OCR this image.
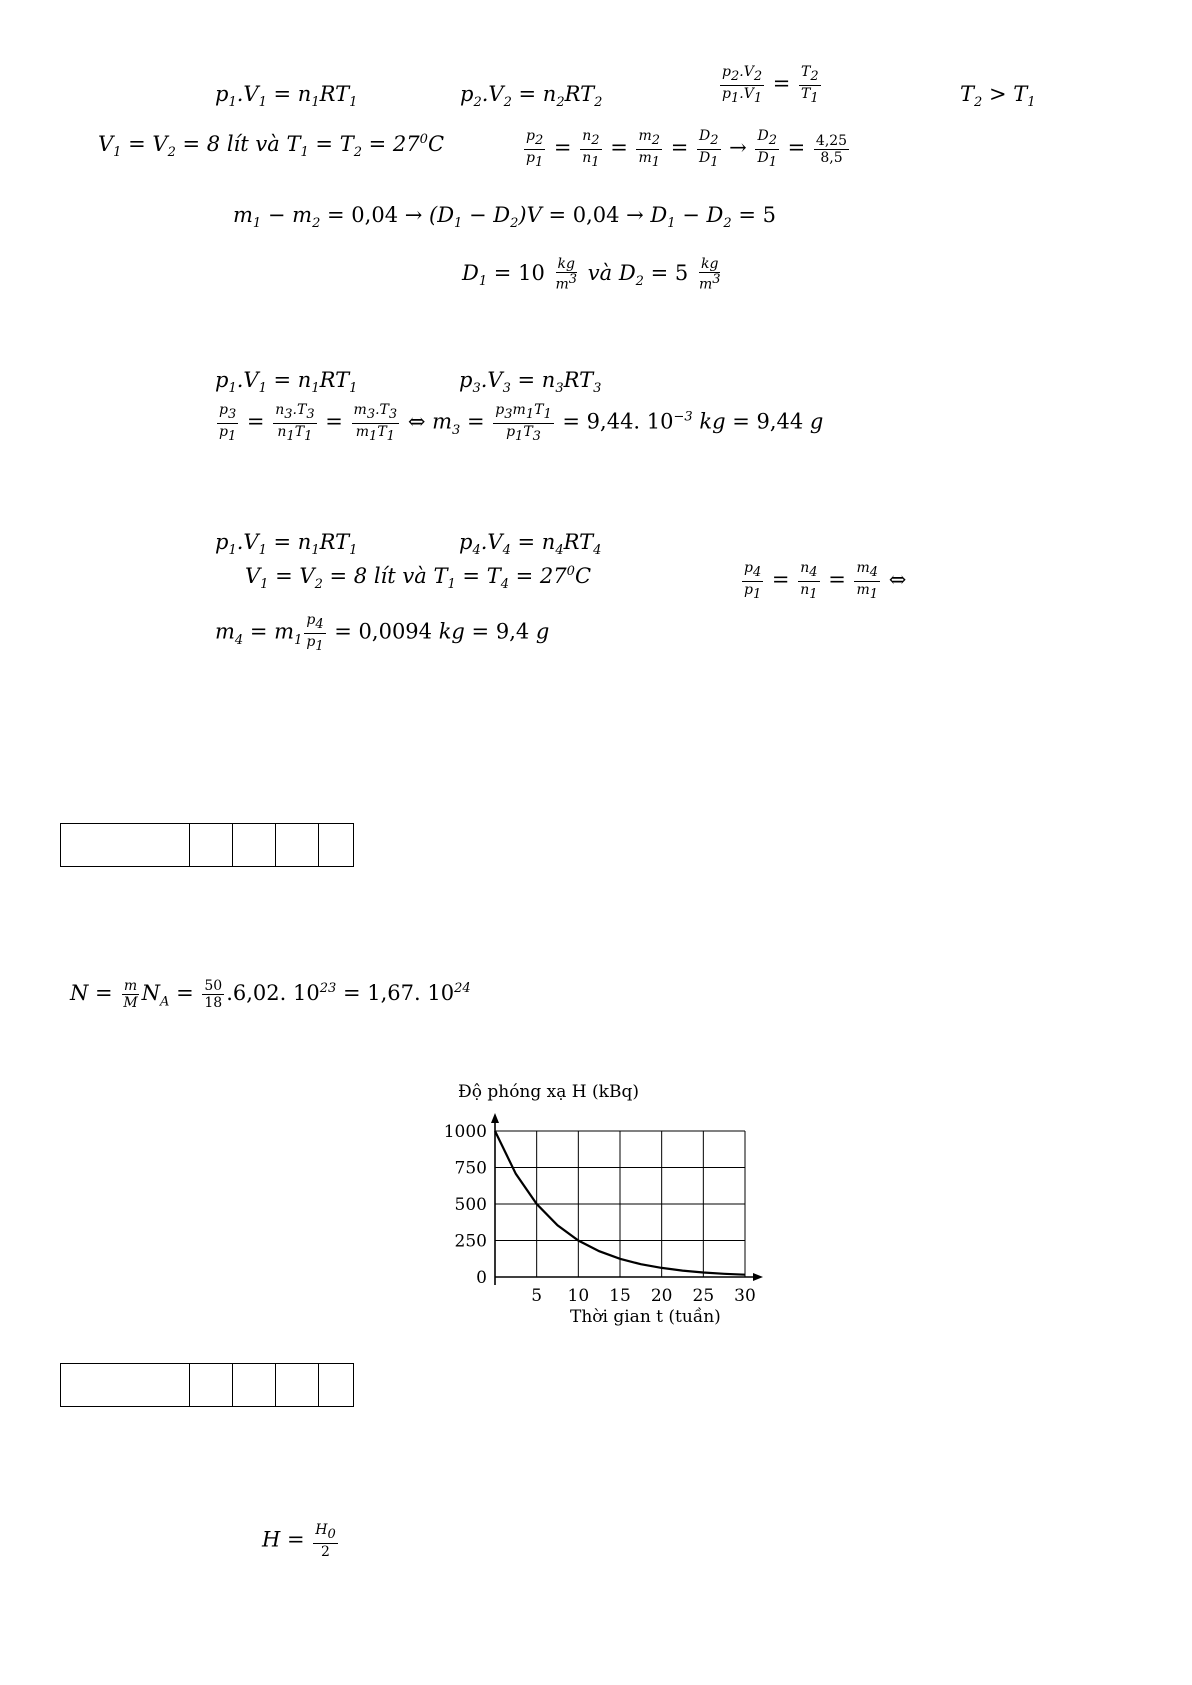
$p_1.V_1 = n_1RT_1$	$p_2.V_2 = n_2RT_2$	$\frac{p_2.V_2}{p_1.V_1} = \frac{T_2}{T_1}$	$T_2 > T_1$
$V_1 = V_2 = 8$ lít và $T_1 = T_2 = 27^0C$	$\frac{p_2}{p_1} = \frac{n_2}{n_1} = \frac{m_2}{m_1} = \frac{D_2}{D_1} \to \frac{D_2}{D_1} = \frac{4,25}{8,5}$
$m_1 - m_2 = 0,04 \to (D_1 - D_2)V = 0,04 \to D_1 - D_2 = 5$
$D_1 = 10 \frac{kg}{m^3}$ và $D_2 = 5 \frac{kg}{m^3}$
$p_1.V_1 = n_1RT_1$	$p_3.V_3 = n_3RT_3$
$\frac{p_3}{p_1} = \frac{n_3.T_3}{n_1T_1} = \frac{m_3.T_3}{m_1T_1}$ ⇔ $m_3 = \frac{p_3m_1T_1}{p_1T_3} = 9,44$. $10^{-3}$ kg = 9,44 g
$p_1.V_1 = n_1RT_1$	$p_4.V_4 = n_4RT_4$
$V_1 = V_2 = 8$ lít và $T_1 = T_4 = 27^0C$	$\frac{p_4}{p_1} = \frac{n_4}{n_1} = \frac{m_4}{m_1}$ ⇔
$m_4 = m_1 \frac{p_4}{p_1} = 0,0094$ kg = 9,4 g

$N = \frac{m}{M} N_A = \frac{50}{18} .6,02$. $10^{23} = 1,67$. $10^{24}$
Độ phóng xạ H (kBq)
1000
750
500
250
0
5 10 15 20 25 30
Thời gian t (tuần)

$H = \frac{H_0}{2}$
